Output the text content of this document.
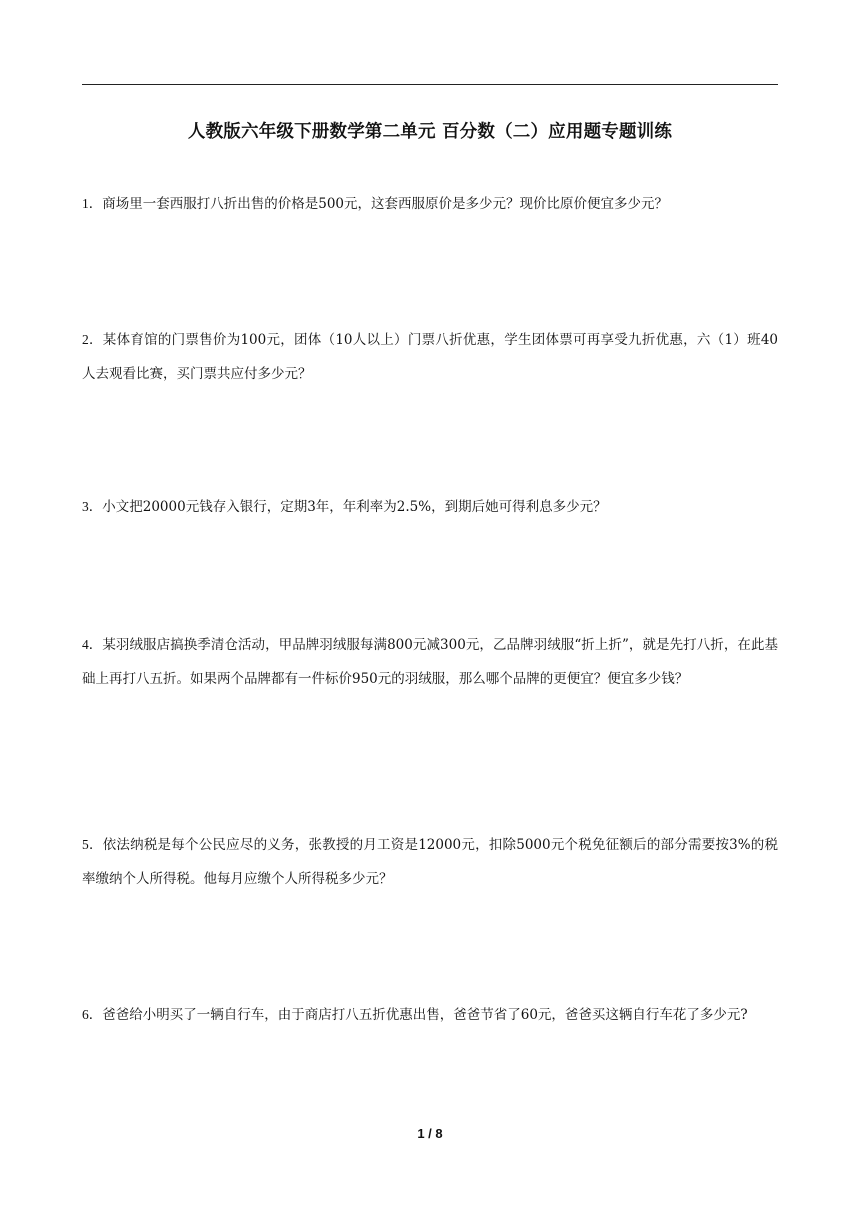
人教版六年级下册数学第二单元 百分数（二）应用题专题训练

1．商场里一套西服打八折出售的价格是500元，这套西服原价是多少元？现价比原价便宜多少元？

2．某体育馆的门票售价为100元，团体（10人以上）门票八折优惠，学生团体票可再享受九折优惠，六（1）班40人去观看比赛，买门票共应付多少元？

3．小文把20000元钱存入银行，定期3年，年利率为2.5%，到期后她可得利息多少元？

4．某羽绒服店搞换季清仓活动，甲品牌羽绒服每满800元减300元，乙品牌羽绒服“折上折”，就是先打八折，在此基础上再打八五折。如果两个品牌都有一件标价950元的羽绒服，那么哪个品牌的更便宜？便宜多少钱？

5．依法纳税是每个公民应尽的义务，张教授的月工资是12000元，扣除5000元个税免征额后的部分需要按3%的税率缴纳个人所得税。他每月应缴个人所得税多少元？

6．爸爸给小明买了一辆自行车，由于商店打八五折优惠出售，爸爸节省了60元，爸爸买这辆自行车花了多少元?

1 / 8
